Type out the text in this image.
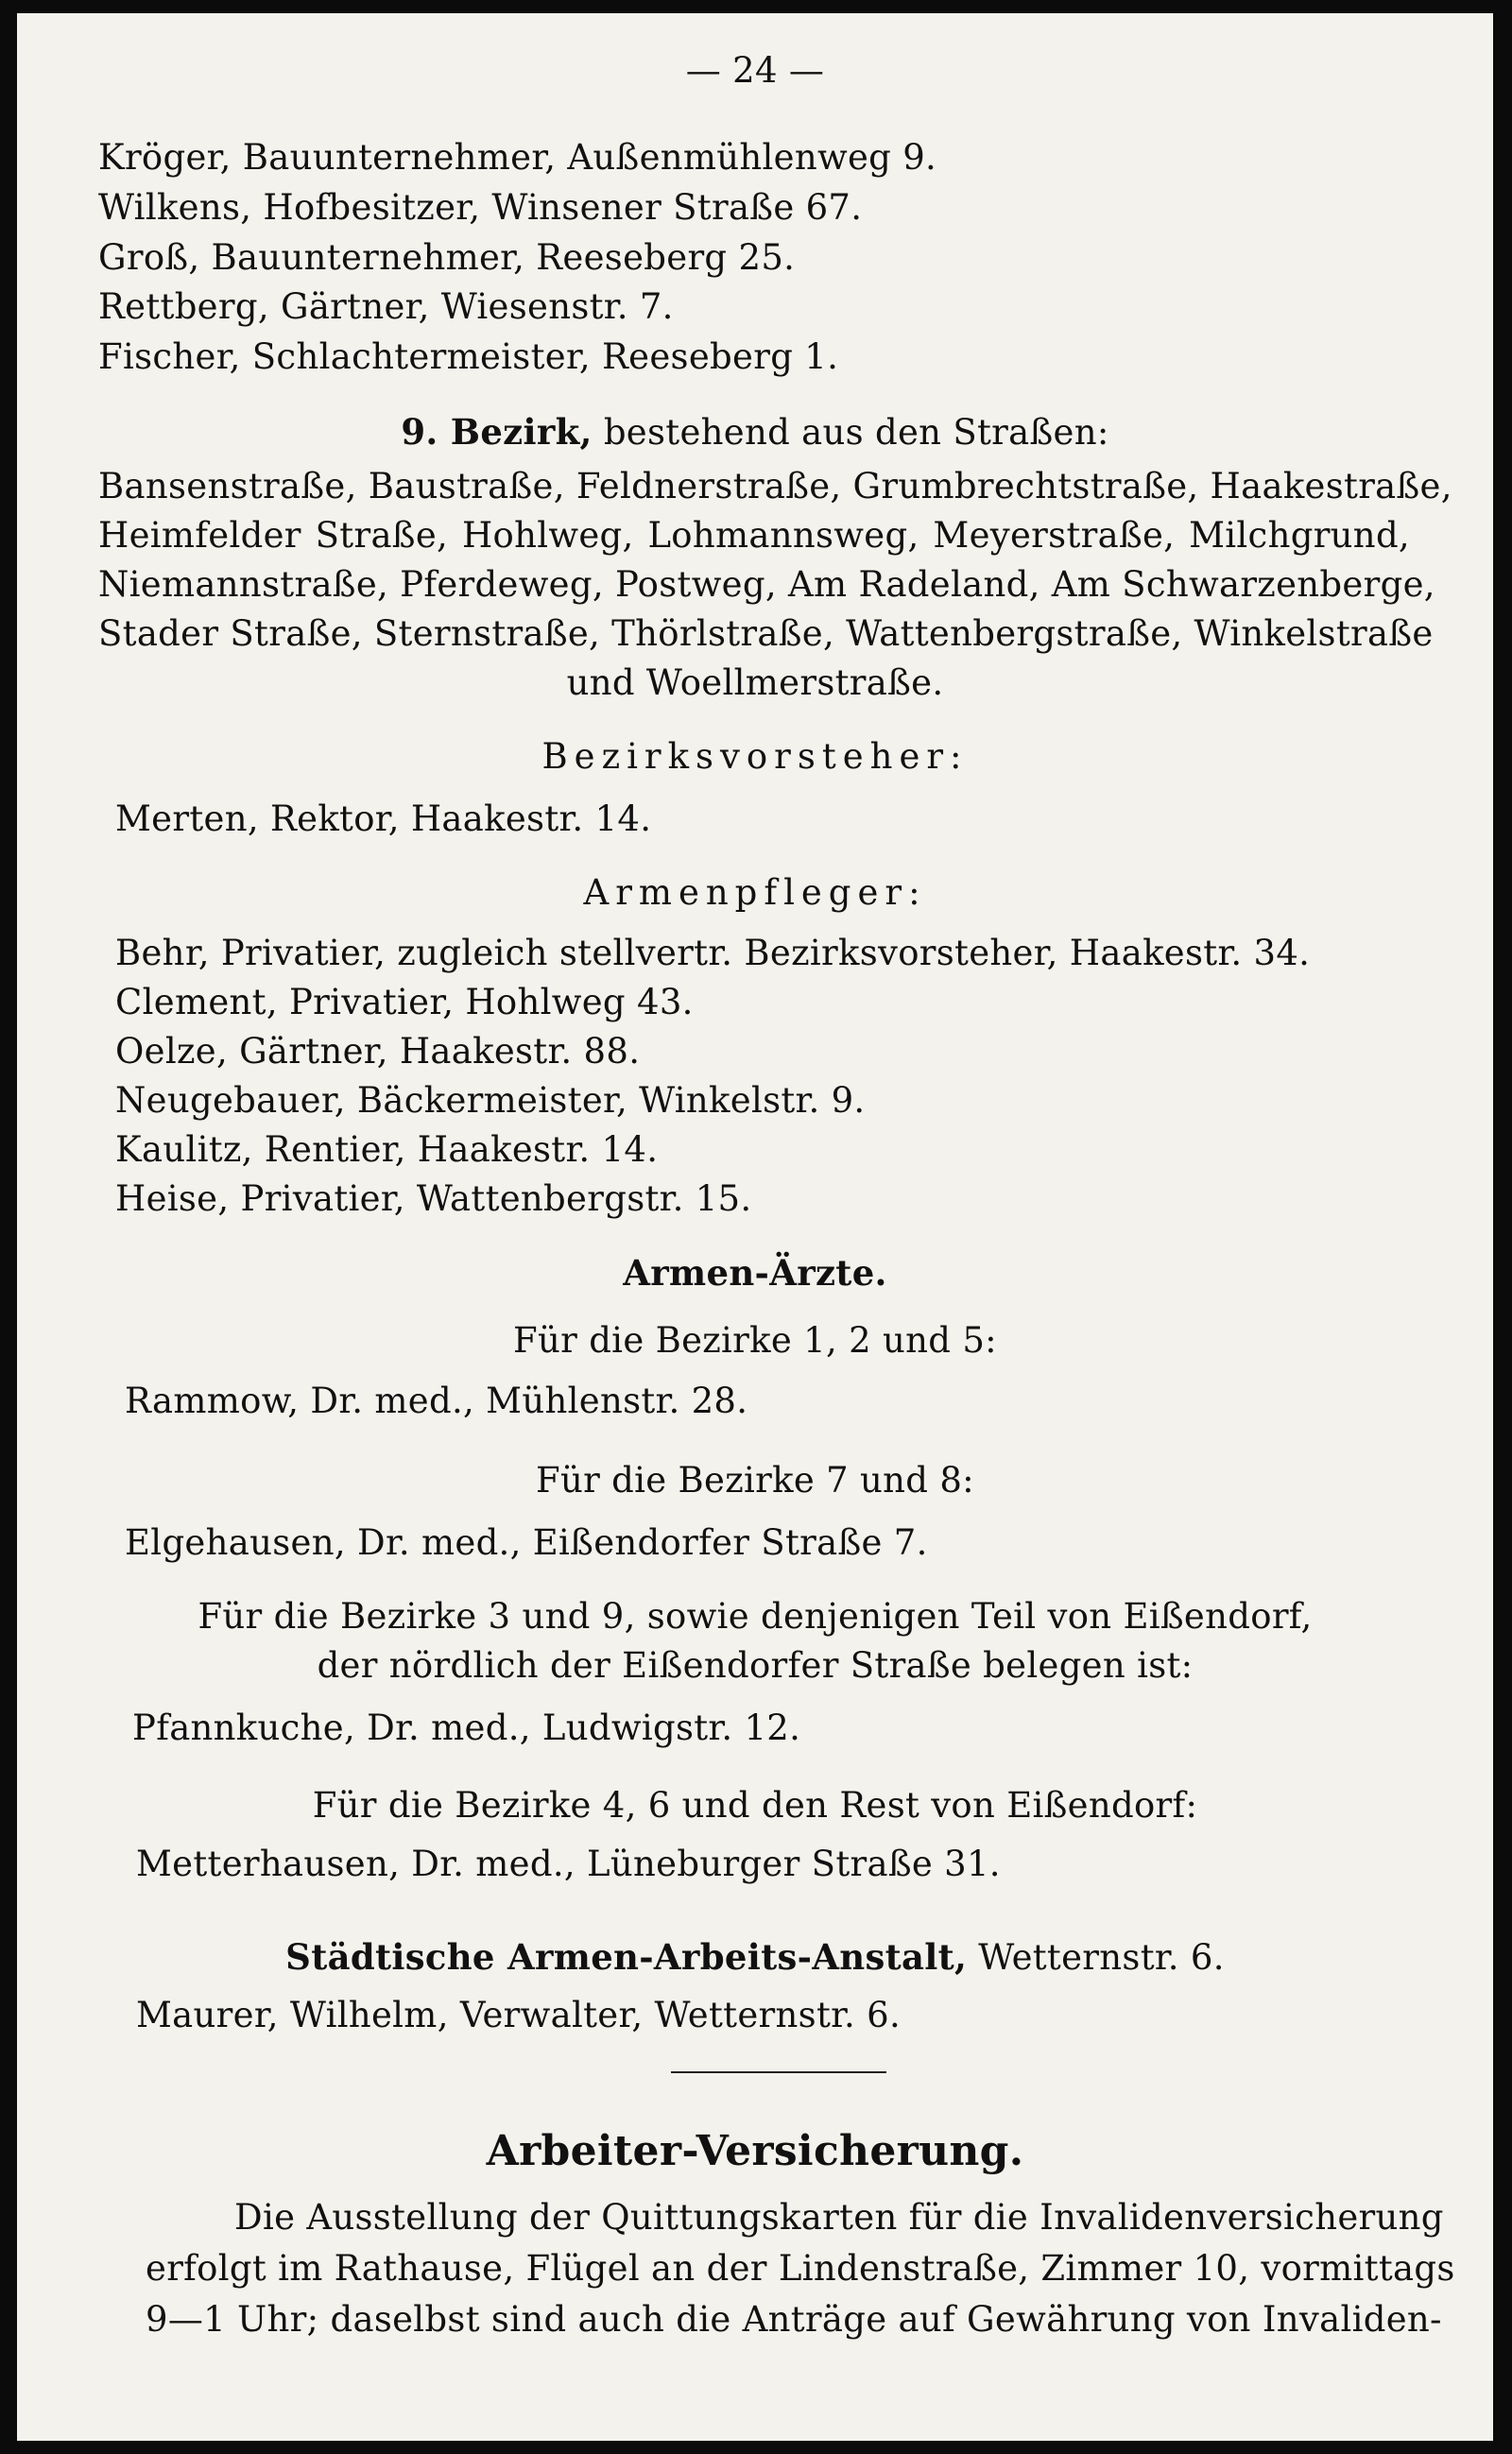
— 24 —
Kröger, Bauunternehmer, Außenmühlenweg 9.
Wilkens, Hofbesitzer, Winsener Straße 67.
Groß, Bauunternehmer, Reeseberg 25.
Rettberg, Gärtner, Wiesenstr. 7.
Fischer, Schlachtermeister, Reeseberg 1.
9. Bezirk, bestehend aus den Straßen:
Bansenstraße, Baustraße, Feldnerstraße, Grumbrechtstraße, Haakestraße,
Heimfelder Straße, Hohlweg, Lohmannsweg, Meyerstraße, Milchgrund,
Niemannstraße, Pferdeweg, Postweg, Am Radeland, Am Schwarzenberge,
Stader Straße, Sternstraße, Thörlstraße, Wattenbergstraße, Winkelstraße
und Woellmerstraße.
Bezirksvorsteher:
Merten, Rektor, Haakestr. 14.
Armenpfleger:
Behr, Privatier, zugleich stellvertr. Bezirksvorsteher, Haakestr. 34.
Clement, Privatier, Hohlweg 43.
Oelze, Gärtner, Haakestr. 88.
Neugebauer, Bäckermeister, Winkelstr. 9.
Kaulitz, Rentier, Haakestr. 14.
Heise, Privatier, Wattenbergstr. 15.
Armen-Ärzte.
Für die Bezirke 1, 2 und 5:
Rammow, Dr. med., Mühlenstr. 28.
Für die Bezirke 7 und 8:
Elgehausen, Dr. med., Eißendorfer Straße 7.
Für die Bezirke 3 und 9, sowie denjenigen Teil von Eißendorf,
der nördlich der Eißendorfer Straße belegen ist:
Pfannkuche, Dr. med., Ludwigstr. 12.
Für die Bezirke 4, 6 und den Rest von Eißendorf:
Metterhausen, Dr. med., Lüneburger Straße 31.
Städtische Armen-Arbeits-Anstalt, Wetternstr. 6.
Maurer, Wilhelm, Verwalter, Wetternstr. 6.
Arbeiter-Versicherung.
Die Ausstellung der Quittungskarten für die Invalidenversicherung
erfolgt im Rathause, Flügel an der Lindenstraße, Zimmer 10, vormittags
9—1 Uhr; daselbst sind auch die Anträge auf Gewährung von Invaliden-
